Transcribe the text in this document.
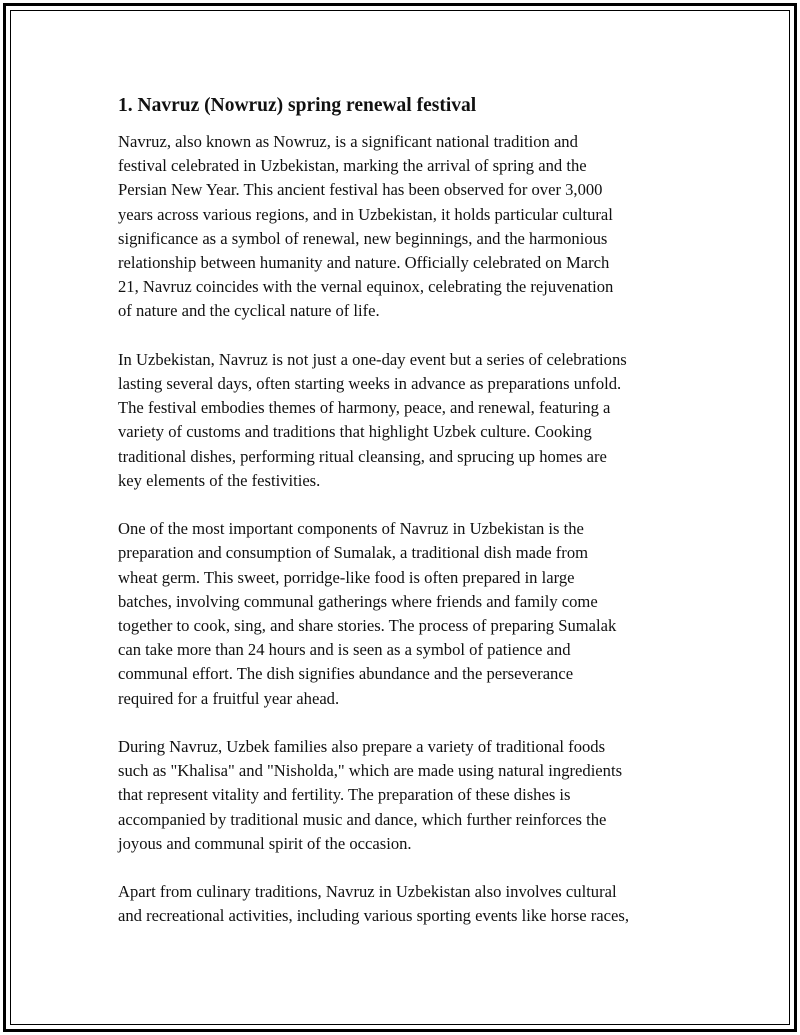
1. Navruz (Nowruz) spring renewal festival

Navruz, also known as Nowruz, is a significant national tradition and
festival celebrated in Uzbekistan, marking the arrival of spring and the
Persian New Year. This ancient festival has been observed for over 3,000
years across various regions, and in Uzbekistan, it holds particular cultural
significance as a symbol of renewal, new beginnings, and the harmonious
relationship between humanity and nature. Officially celebrated on March
21, Navruz coincides with the vernal equinox, celebrating the rejuvenation
of nature and the cyclical nature of life.

In Uzbekistan, Navruz is not just a one-day event but a series of celebrations
lasting several days, often starting weeks in advance as preparations unfold.
The festival embodies themes of harmony, peace, and renewal, featuring a
variety of customs and traditions that highlight Uzbek culture. Cooking
traditional dishes, performing ritual cleansing, and sprucing up homes are
key elements of the festivities.

One of the most important components of Navruz in Uzbekistan is the
preparation and consumption of Sumalak, a traditional dish made from
wheat germ. This sweet, porridge-like food is often prepared in large
batches, involving communal gatherings where friends and family come
together to cook, sing, and share stories. The process of preparing Sumalak
can take more than 24 hours and is seen as a symbol of patience and
communal effort. The dish signifies abundance and the perseverance
required for a fruitful year ahead.

During Navruz, Uzbek families also prepare a variety of traditional foods
such as "Khalisa" and "Nisholda," which are made using natural ingredients
that represent vitality and fertility. The preparation of these dishes is
accompanied by traditional music and dance, which further reinforces the
joyous and communal spirit of the occasion.

Apart from culinary traditions, Navruz in Uzbekistan also involves cultural
and recreational activities, including various sporting events like horse races,
